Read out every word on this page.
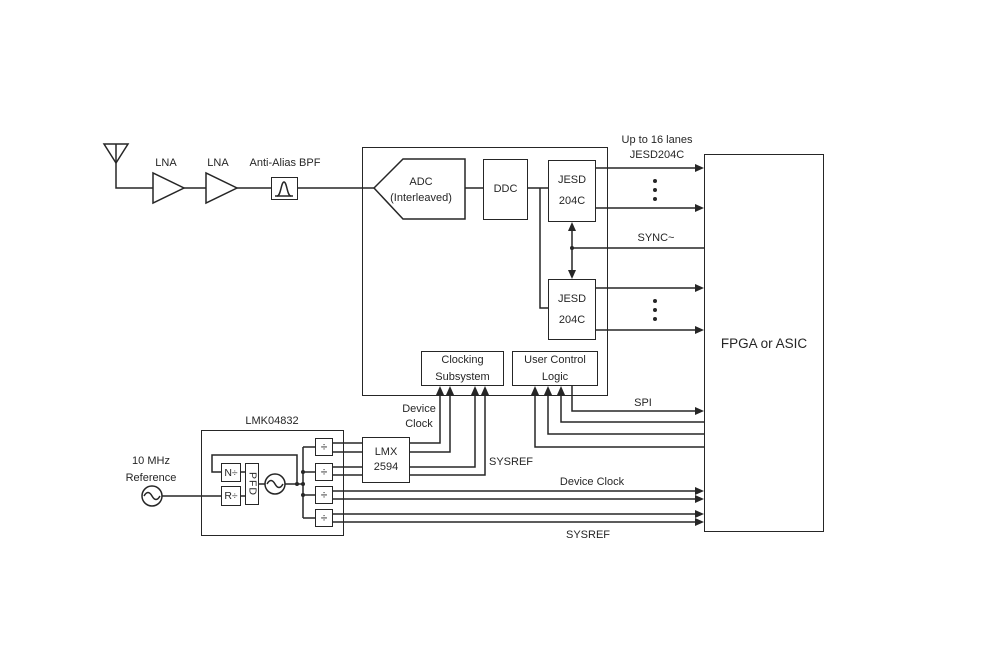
ADC
(Interleaved)
DDC
JESD
204C
JESD
204C
Clocking
Subsystem
User Control
Logic
FPGA or ASIC
N÷
R÷ PFD
÷
÷
÷
÷
LMX
2594
LNA	LNA Anti-Alias BPF
Up to 16 lanes
JESD204C
SYNC~
SPI
Device
Clock
SYSREF
Device Clock
SYSREF
LMK04832
10 MHz
Reference
